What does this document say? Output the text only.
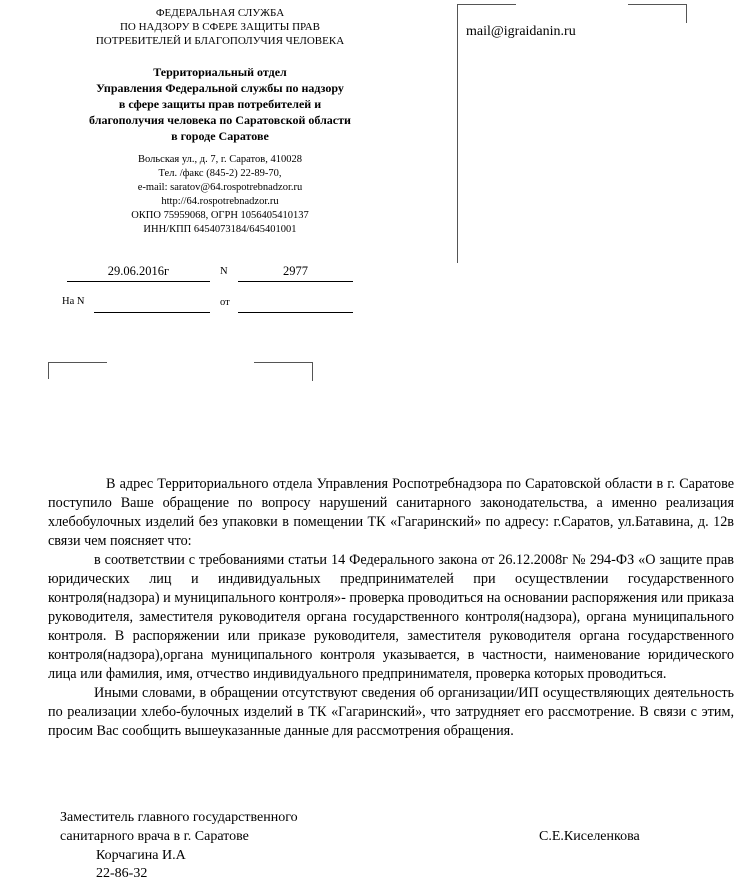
ФЕДЕРАЛЬНАЯ СЛУЖБА
ПО НАДЗОРУ В СФЕРЕ ЗАЩИТЫ ПРАВ
ПОТРЕБИТЕЛЕЙ И БЛАГОПОЛУЧИЯ ЧЕЛОВЕКА
Территориальный отдел
Управления Федеральной службы по надзору
в сфере защиты прав потребителей и
благополучия человека по Саратовской области
в городе Саратове
Вольская ул., д. 7, г. Саратов, 410028
Тел. /факс (845-2) 22-89-70,
e-mail: saratov@64.rospotrebnadzor.ru
http://64.rospotrebnadzor.ru
ОКПО 75959068, ОГРН 1056405410137
ИНН/КПП 6454073184/645401001
29.06.2016г	N	2977
На N	от
mail@igraidanin.ru

В адрес Территориального отдела Управления Роспотребнадзора по Саратовской области в г. Саратове поступило Ваше обращение по вопросу нарушений санитарного законодательства, а именно реализация хлебобулочных изделий без упаковки в помещении ТК «Гагаринский» по адресу: г.Саратов, ул.Батавина, д. 12в связи чем поясняет что:

в соответствии с требованиями статьи 14 Федерального закона от 26.12.2008г № 294-ФЗ «О защите прав юридических лиц и индивидуальных предпринимателей при осуществлении государственного контроля(надзора) и муниципального контроля»- проверка проводиться на основании распоряжения или приказа руководителя, заместителя руководителя органа государственного контроля(надзора), органа муниципального контроля. В распоряжении или приказе руководителя, заместителя руководителя органа государственного контроля(надзора),органа муниципального контроля указывается, в частности, наименование юридического лица или фамилия, имя, отчество индивидуального предпринимателя, проверка которых проводиться.

Иными словами, в обращении отсутствуют сведения об организации/ИП осуществляющих деятельность по реализации хлебо-булочных изделий в ТК «Гагаринский», что затрудняет его рассмотрение. В связи с этим, просим Вас сообщить вышеуказанные данные для рассмотрения обращения.

Заместитель главного государственного
санитарного врача в г. Саратове	С.Е.Киселенкова
Корчагина И.А
22-86-32
